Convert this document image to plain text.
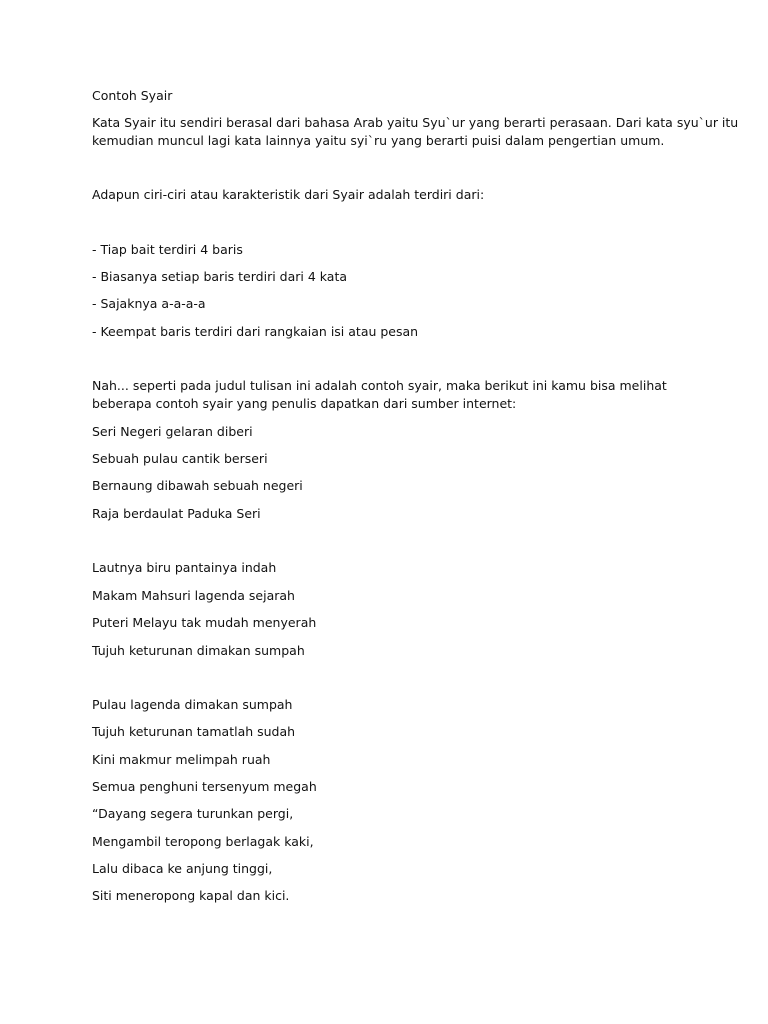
Contoh Syair
Kata Syair itu sendiri berasal dari bahasa Arab yaitu Syu`ur yang berarti perasaan. Dari kata syu`ur itu
kemudian muncul lagi kata lainnya yaitu syi`ru yang berarti puisi dalam pengertian umum.
Adapun ciri-ciri atau karakteristik dari Syair adalah terdiri dari:
- Tiap bait terdiri 4 baris
- Biasanya setiap baris terdiri dari 4 kata
- Sajaknya a-a-a-a
- Keempat baris terdiri dari rangkaian isi atau pesan
Nah... seperti pada judul tulisan ini adalah contoh syair, maka berikut ini kamu bisa melihat
beberapa contoh syair yang penulis dapatkan dari sumber internet:
Seri Negeri gelaran diberi
Sebuah pulau cantik berseri
Bernaung dibawah sebuah negeri
Raja berdaulat Paduka Seri
Lautnya biru pantainya indah
Makam Mahsuri lagenda sejarah
Puteri Melayu tak mudah menyerah
Tujuh keturunan dimakan sumpah
Pulau lagenda dimakan sumpah
Tujuh keturunan tamatlah sudah
Kini makmur melimpah ruah
Semua penghuni tersenyum megah
“Dayang segera turunkan pergi,
Mengambil teropong berlagak kaki,
Lalu dibaca ke anjung tinggi,
Siti meneropong kapal dan kici.
